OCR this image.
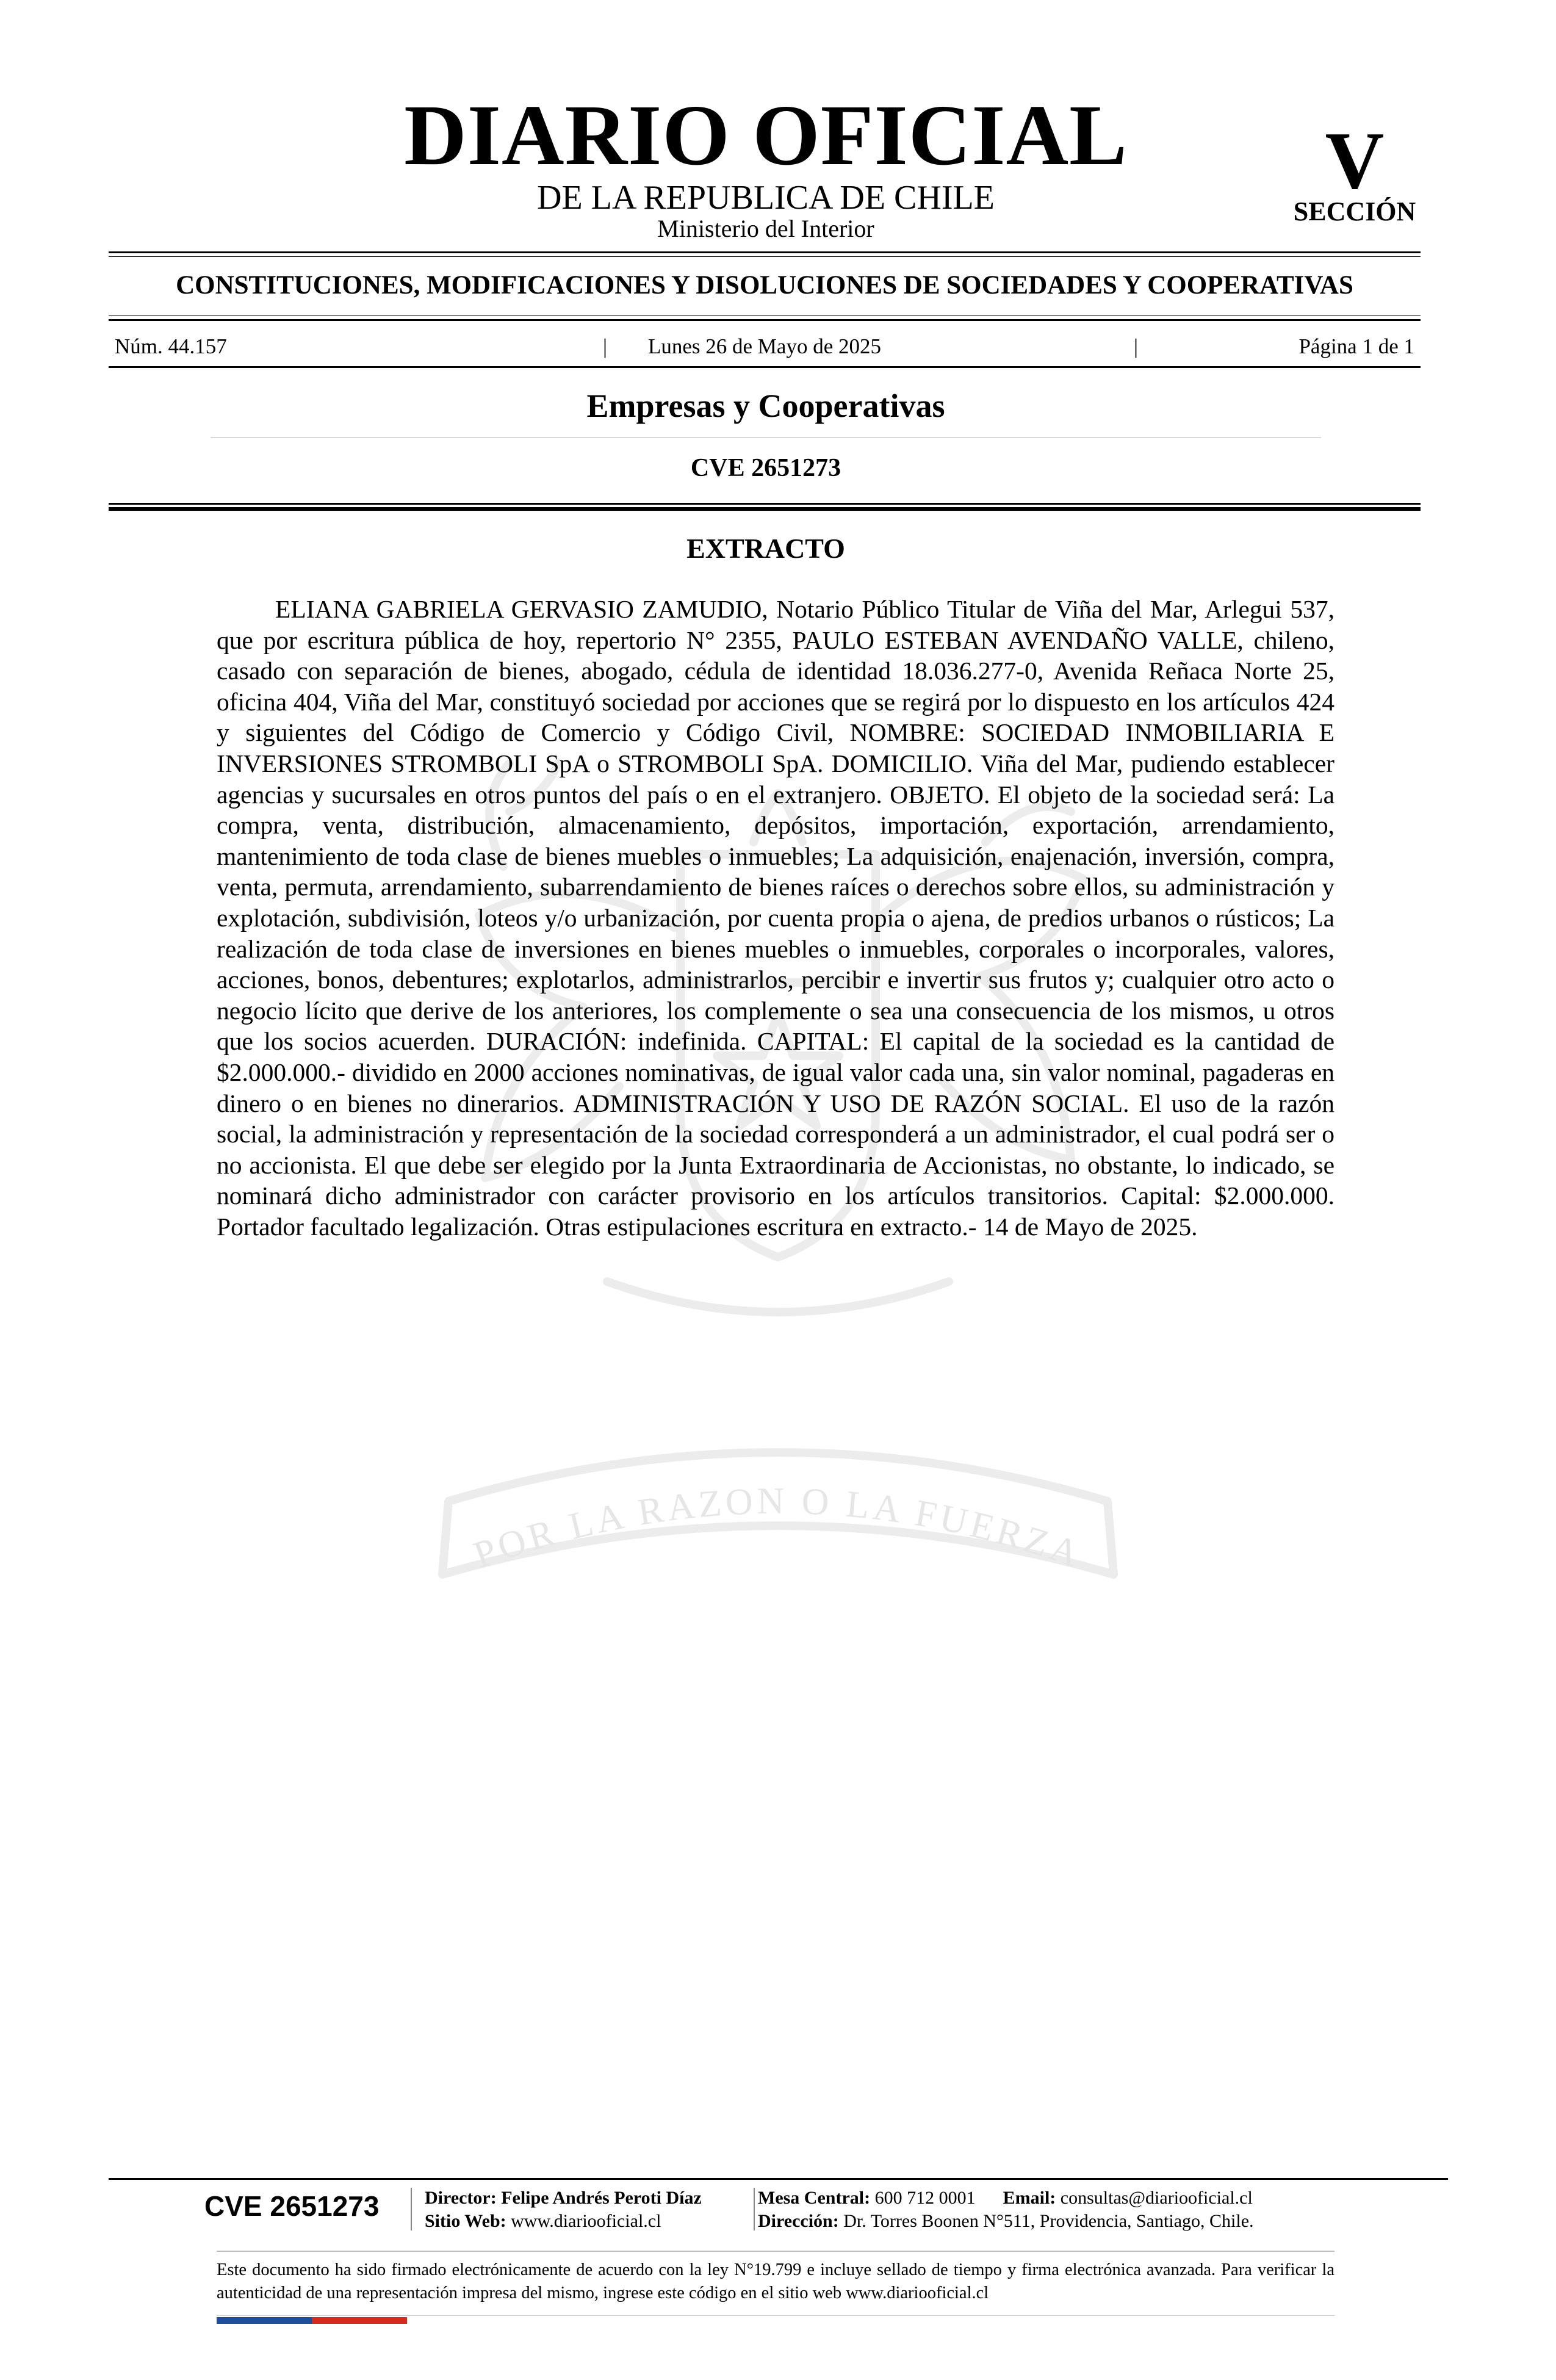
POR LA RAZON O LA FUERZA
DIARIO OFICIAL
DE LA REPUBLICA DE CHILE
Ministerio del Interior
V
SECCIÓN
CONSTITUCIONES, MODIFICACIONES Y DISOLUCIONES DE SOCIEDADES Y COOPERATIVAS
Núm. 44.157	|	Lunes 26 de Mayo de 2025	|	Página 1 de 1
Empresas y Cooperativas
CVE 2651273
EXTRACTO

ELIANA GABRIELA GERVASIO ZAMUDIO, Notario Público Titular de Viña del Mar, Arlegui 537, que por escritura pública de hoy, repertorio N° 2355, PAULO ESTEBAN AVENDAÑO VALLE, chileno, casado con separación de bienes, abogado, cédula de identidad 18.036.277-0, Avenida Reñaca Norte 25, oficina 404, Viña del Mar, constituyó sociedad por acciones que se regirá por lo dispuesto en los artículos 424 y siguientes del Código de Comercio y Código Civil, NOMBRE: SOCIEDAD INMOBILIARIA E INVERSIONES STROMBOLI SpA o STROMBOLI SpA. DOMICILIO. Viña del Mar, pudiendo establecer agencias y sucursales en otros puntos del país o en el extranjero. OBJETO. El objeto de la sociedad será: La compra, venta, distribución, almacenamiento, depósitos, importación, exportación, arrendamiento, mantenimiento de toda clase de bienes muebles o inmuebles; La adquisición, enajenación, inversión, compra, venta, permuta, arrendamiento, subarrendamiento de bienes raíces o derechos sobre ellos, su administración y explotación, subdivisión, loteos y/o urbanización, por cuenta propia o ajena, de predios urbanos o rústicos; La realización de toda clase de inversiones en bienes muebles o inmuebles, corporales o incorporales, valores, acciones, bonos, debentures; explotarlos, administrarlos, percibir e invertir sus frutos y; cualquier otro acto o negocio lícito que derive de los anteriores, los complemente o sea una consecuencia de los mismos, u otros que los socios acuerden. DURACIÓN: indefinida. CAPITAL: El capital de la sociedad es la cantidad de $2.000.000.- dividido en 2000 acciones nominativas, de igual valor cada una, sin valor nominal, pagaderas en dinero o en bienes no dinerarios. ADMINISTRACIÓN Y USO DE RAZÓN SOCIAL. El uso de la razón social, la administración y representación de la sociedad corresponderá a un administrador, el cual podrá ser o no accionista. El que debe ser elegido por la Junta Extraordinaria de Accionistas, no obstante, lo indicado, se nominará dicho administrador con carácter provisorio en los artículos transitorios. Capital: $2.000.000. Portador facultado legalización. Otras estipulaciones escritura en extracto.- 14 de Mayo de 2025.

CVE 2651273	Director: Felipe Andrés Peroti Díaz
Sitio Web: www.diariooficial.cl
Mesa Central: 600 712 0001 Email: consultas@diariooficial.cl
Dirección: Dr. Torres Boonen N°511, Providencia, Santiago, Chile.

Este documento ha sido firmado electrónicamente de acuerdo con la ley N°19.799 e incluye sellado de tiempo y firma electrónica avanzada. Para verificar la autenticidad de una representación impresa del mismo, ingrese este código en el sitio web www.diariooficial.cl
